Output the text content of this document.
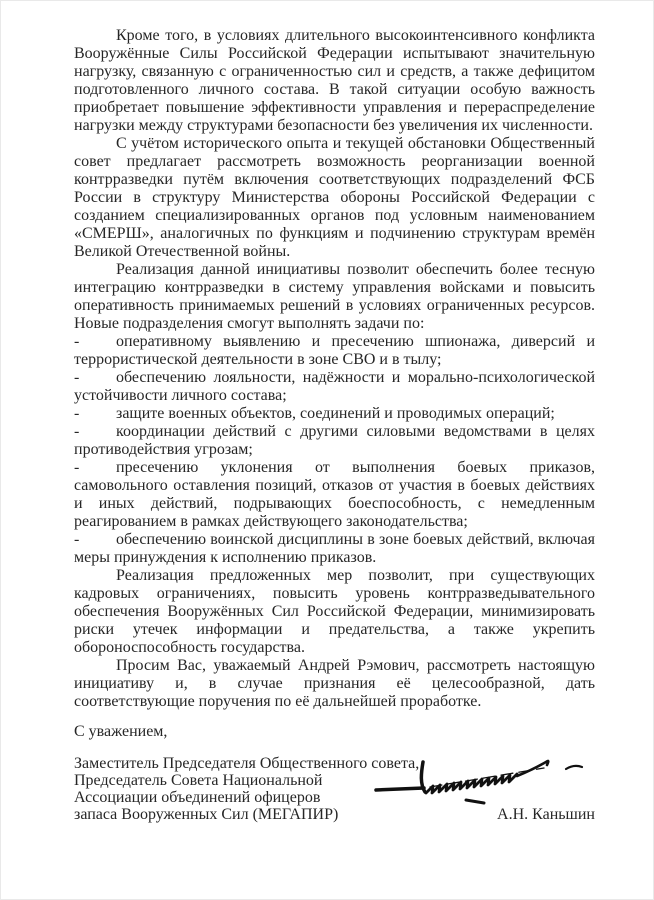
Кроме того, в условиях длительного высокоинтенсивного конфликта Вооружённые Силы Российской Федерации испытывают значительную нагрузку, связанную с ограниченностью сил и средств, а также дефицитом подготовленного личного состава. В такой ситуации особую важность приобретает повышение эффективности управления и перераспределение нагрузки между структурами безопасности без увеличения их численности.

С учётом исторического опыта и текущей обстановки Общественный совет предлагает рассмотреть возможность реорганизации военной контрразведки путём включения соответствующих подразделений ФСБ России в структуру Министерства обороны Российской Федерации с созданием специализированных органов под условным наименованием «СМЕРШ», аналогичных по функциям и подчинению структурам времён Великой Отечественной войны.

Реализация данной инициативы позволит обеспечить более тесную интеграцию контрразведки в систему управления войсками и повысить оперативность принимаемых решений в условиях ограниченных ресурсов. Новые подразделения смогут выполнять задачи по:

- оперативному выявлению и пресечению шпионажа, диверсий и террористической деятельности в зоне СВО и в тылу;

- обеспечению лояльности, надёжности и морально-психологической устойчивости личного состава;

- защите военных объектов, соединений и проводимых операций;

- координации действий с другими силовыми ведомствами в целях противодействия угрозам;

- пресечению уклонения от выполнения боевых приказов, самовольного оставления позиций, отказов от участия в боевых действиях и иных действий, подрывающих боеспособность, с немедленным реагированием в рамках действующего законодательства;

- обеспечению воинской дисциплины в зоне боевых действий, включая меры принуждения к исполнению приказов.

Реализация предложенных мер позволит, при существующих кадровых ограничениях, повысить уровень контрразведывательного обеспечения Вооружённых Сил Российской Федерации, минимизировать риски утечек информации и предательства, а также укрепить обороноспособность государства.

Просим Вас, уважаемый Андрей Рэмович, рассмотреть настоящую инициативу и, в случае признания её целесообразной, дать соответствующие поручения по её дальнейшей проработке.

С уважением,

Заместитель Председателя Общественного совета,
Председатель Совета Национальной
Ассоциации объединений офицеров
запаса Вооруженных Сил (МЕГАПИР)	А.Н. Каньшин
